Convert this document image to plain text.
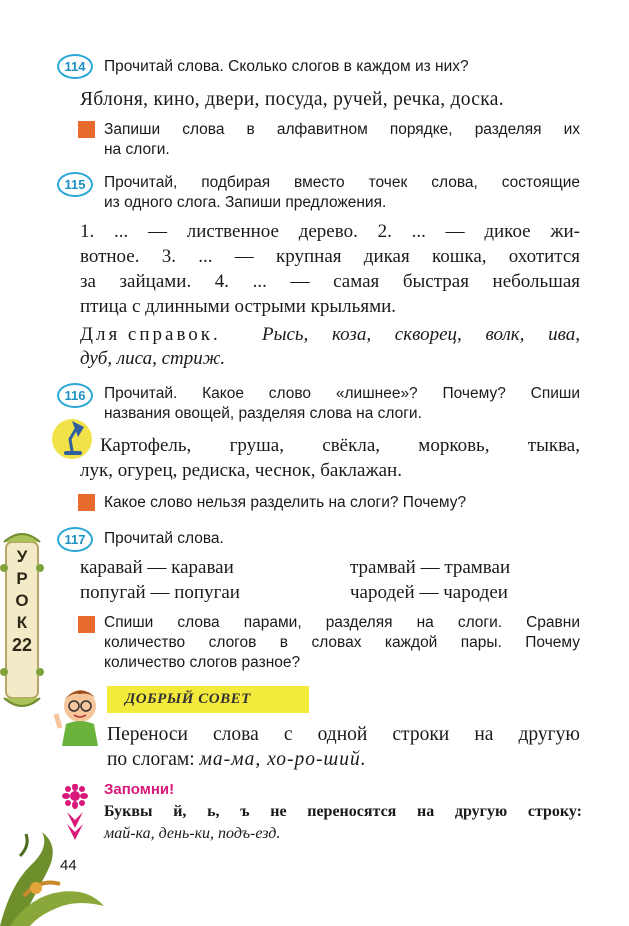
114	Прочитай слова. Сколько слогов в каждом из них?
Яблоня, кино, двери, посуда, ручей, речка, доска.
Запиши слова в алфавитном порядке, разделяя их
на слоги.
115	Прочитай, подбирая вместо точек слова, состоящие
из одного слога. Запиши предложения.
1. ... — лиственное дерево. 2. ... — дикое жи-
вотное. 3. ... — крупная дикая кошка, охотится
за зайцами. 4. ... — самая быстрая небольшая
птица с длинными острыми крыльями.
Для справок. Рысь, коза, скворец, волк, ива,
дуб, лиса, стриж.
116	Прочитай. Какое слово «лишнее»? Почему? Спиши
названия овощей, разделяя слова на слоги.
Картофель, груша, свёкла, морковь, тыква,
лук, огурец, редиска, чеснок, баклажан.
Какое слово нельзя разделить на слоги? Почему?
У
Р
О
К
22
117	Прочитай слова.
каравай — караваи	трамвай — трамваи
попугай — попугаи	чародей — чародеи
Спиши слова парами, разделяя на слоги. Сравни
количество слогов в словах каждой пары. Почему
количество слогов разное?
ДОБРЫЙ СОВЕТ
Переноси слова с одной строки на другую
по слогам: ма-ма, хо-ро-ший.
Запомни!
Буквы й, ь, ъ не переносятся на другую строку:
май-ка, день-ки, подъ-езд.
44
